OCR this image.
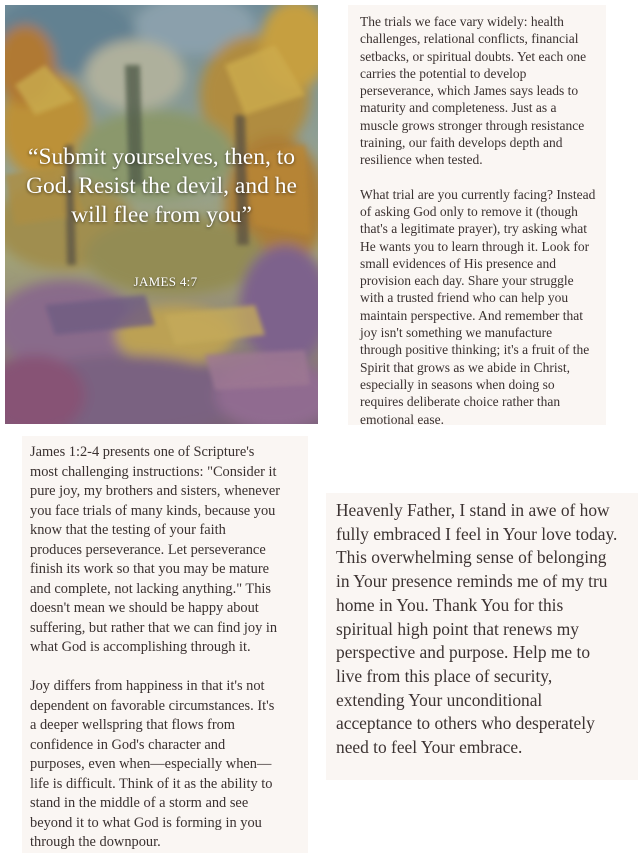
“Submit yourselves, then, to God. Resist the devil, and he will flee from you”
JAMES 4:7

The trials we face vary widely: health
challenges, relational conflicts, financial
setbacks, or spiritual doubts. Yet each one
carries the potential to develop
perseverance, which James says leads to
maturity and completeness. Just as a
muscle grows stronger through resistance
training, our faith develops depth and
resilience when tested.

What trial are you currently facing? Instead
of asking God only to remove it (though
that's a legitimate prayer), try asking what
He wants you to learn through it. Look for
small evidences of His presence and
provision each day. Share your struggle
with a trusted friend who can help you
maintain perspective. And remember that
joy isn't something we manufacture
through positive thinking; it's a fruit of the
Spirit that grows as we abide in Christ,
especially in seasons when doing so
requires deliberate choice rather than
emotional ease.

James 1:2-4 presents one of Scripture's
most challenging instructions: "Consider it
pure joy, my brothers and sisters, whenever
you face trials of many kinds, because you
know that the testing of your faith
produces perseverance. Let perseverance
finish its work so that you may be mature
and complete, not lacking anything." This
doesn't mean we should be happy about
suffering, but rather that we can find joy in
what God is accomplishing through it.

Joy differs from happiness in that it's not
dependent on favorable circumstances. It's
a deeper wellspring that flows from
confidence in God's character and
purposes, even when—especially when—
life is difficult. Think of it as the ability to
stand in the middle of a storm and see
beyond it to what God is forming in you
through the downpour.

Heavenly Father, I stand in awe of how
fully embraced I feel in Your love today.
This overwhelming sense of belonging
in Your presence reminds me of my tru
home in You. Thank You for this
spiritual high point that renews my
perspective and purpose. Help me to
live from this place of security,
extending Your unconditional
acceptance to others who desperately
need to feel Your embrace.
